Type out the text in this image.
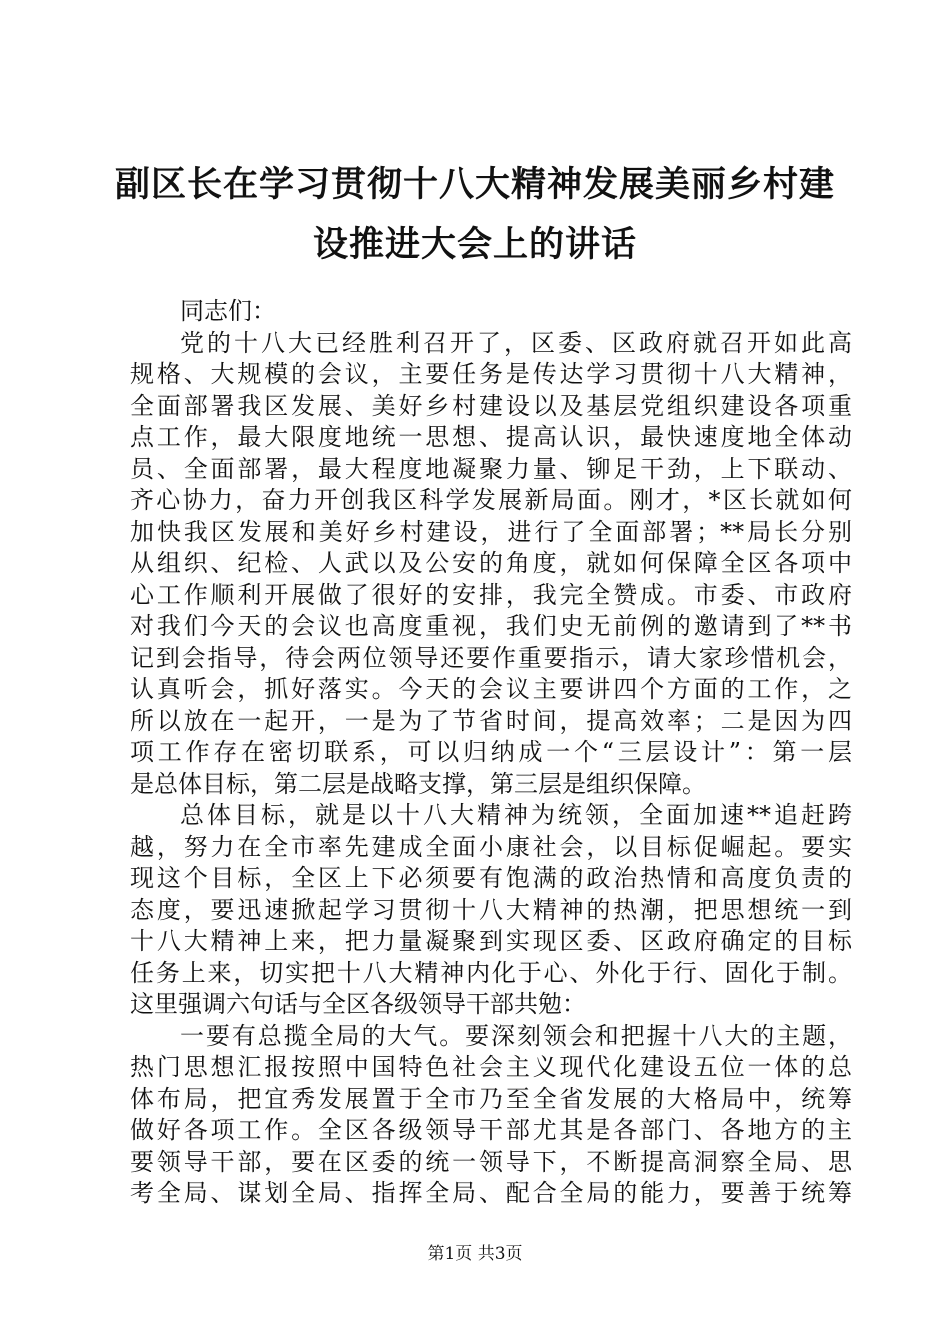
副区长在学习贯彻十八大精神发展美丽乡村建
设推进大会上的讲话
同志们：
党的十八大已经胜利召开了，区委、区政府就召开如此高
规格、大规模的会议，主要任务是传达学习贯彻十八大精神，
全面部署我区发展、美好乡村建设以及基层党组织建设各项重
点工作，最大限度地统一思想、提高认识，最快速度地全体动
员、全面部署，最大程度地凝聚力量、铆足干劲，上下联动、
齐心协力，奋力开创我区科学发展新局面。刚才，*区长就如何
加快我区发展和美好乡村建设，进行了全面部署；**局长分别
从组织、纪检、人武以及公安的角度，就如何保障全区各项中
心工作顺利开展做了很好的安排，我完全赞成。市委、市政府
对我们今天的会议也高度重视，我们史无前例的邀请到了**书
记到会指导，待会两位领导还要作重要指示，请大家珍惜机会，
认真听会，抓好落实。今天的会议主要讲四个方面的工作，之
所以放在一起开，一是为了节省时间，提高效率；二是因为四
项工作存在密切联系，可以归纳成一个“三层设计”：第一层
是总体目标，第二层是战略支撑，第三层是组织保障。
总体目标，就是以十八大精神为统领，全面加速**追赶跨
越，努力在全市率先建成全面小康社会，以目标促崛起。要实
现这个目标，全区上下必须要有饱满的政治热情和高度负责的
态度，要迅速掀起学习贯彻十八大精神的热潮，把思想统一到
十八大精神上来，把力量凝聚到实现区委、区政府确定的目标
任务上来，切实把十八大精神内化于心、外化于行、固化于制。
这里强调六句话与全区各级领导干部共勉：
一要有总揽全局的大气。要深刻领会和把握十八大的主题，
热门思想汇报按照中国特色社会主义现代化建设五位一体的总
体布局，把宜秀发展置于全市乃至全省发展的大格局中，统筹
做好各项工作。全区各级领导干部尤其是各部门、各地方的主
要领导干部，要在区委的统一领导下，不断提高洞察全局、思
考全局、谋划全局、指挥全局、配合全局的能力，要善于统筹
第1页 共3页
